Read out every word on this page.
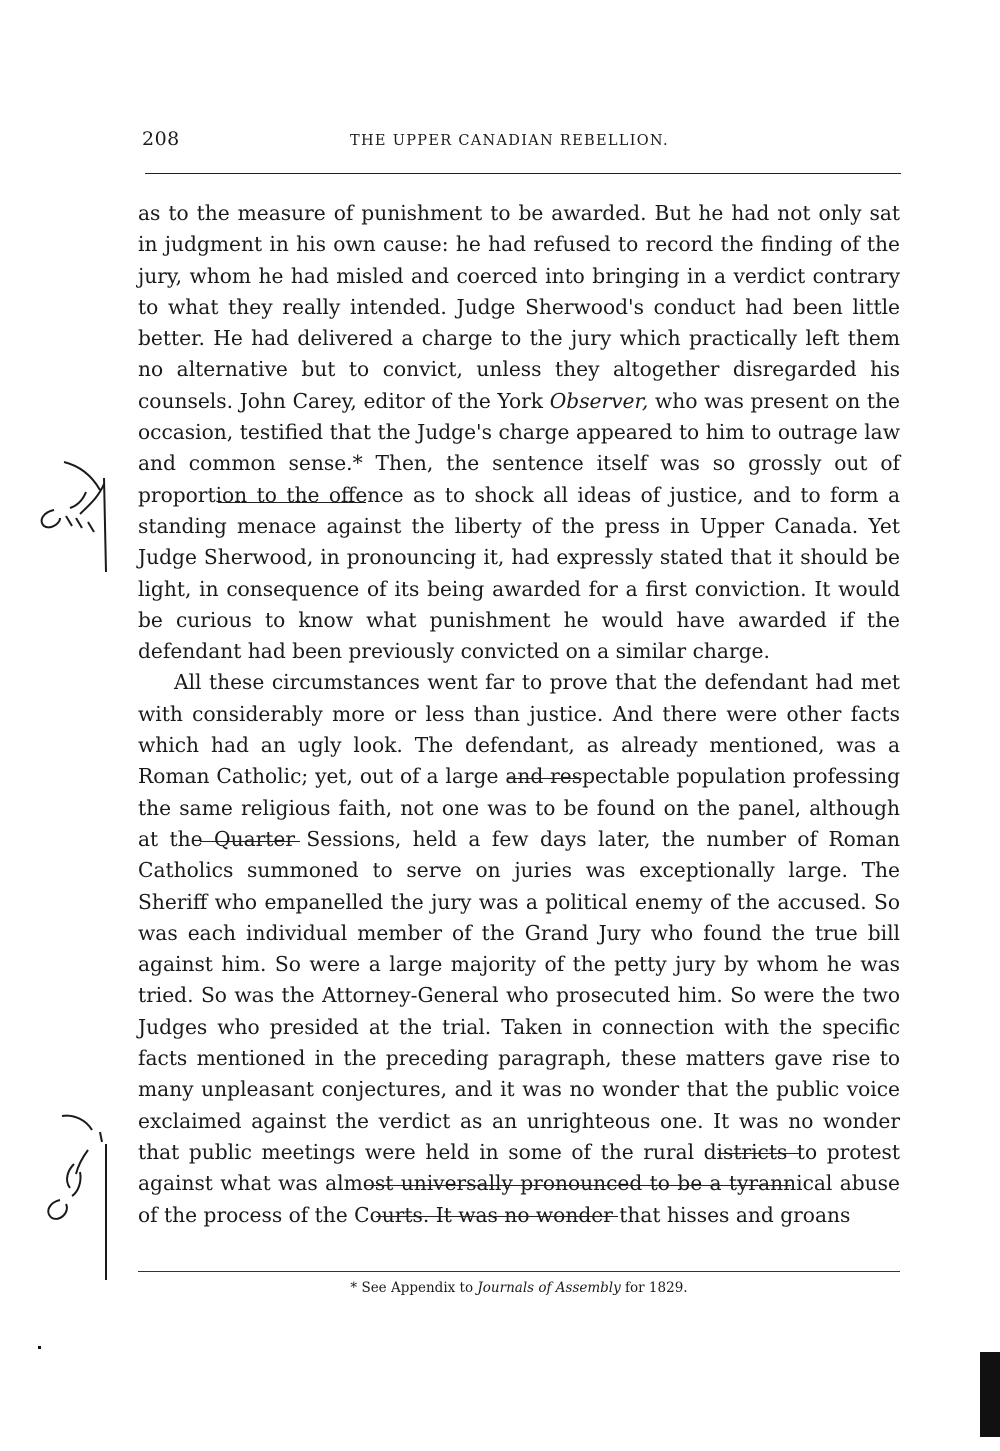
208	THE UPPER CANADIAN REBELLION.

as to the measure of punishment to be awarded. But he had not only sat in judgment in his own cause: he had refused to record the finding of the jury, whom he had misled and coerced into bringing in a verdict contrary to what they really intended. Judge Sherwood's conduct had been little better. He had delivered a charge to the jury which practically left them no alternative but to convict, unless they altogether disregarded his counsels. John Carey, editor of the York Observer, who was present on the occasion, testified that the Judge's charge appeared to him to outrage law and common sense.* Then, the sentence itself was so grossly out of proportion to the offence as to shock all ideas of justice, and to form a standing menace against the liberty of the press in Upper Canada. Yet Judge Sherwood, in pronouncing it, had expressly stated that it should be light, in consequence of its being awarded for a first conviction. It would be curious to know what punishment he would have awarded if the defendant had been previously convicted on a similar charge.

All these circumstances went far to prove that the defendant had met with considerably more or less than justice. And there were other facts which had an ugly look. The defendant, as already mentioned, was a Roman Catholic; yet, out of a large and respectable population professing the same religious faith, not one was to be found on the panel, although at the Quarter Sessions, held a few days later, the number of Roman Catholics summoned to serve on juries was exceptionally large. The Sheriff who empanelled the jury was a political enemy of the accused. So was each individual member of the Grand Jury who found the true bill against him. So were a large majority of the petty jury by whom he was tried. So was the Attorney-General who prosecuted him. So were the two Judges who presided at the trial. Taken in connection with the specific facts mentioned in the preceding paragraph, these matters gave rise to many unpleasant conjectures, and it was no wonder that the public voice exclaimed against the verdict as an unrighteous one. It was no wonder that public meetings were held in some of the rural districts to protest against what was almost universally pronounced to be a tyrannical abuse of the process of the Courts. It was no wonder that hisses and groans

* See Appendix to Journals of Assembly for 1829.
